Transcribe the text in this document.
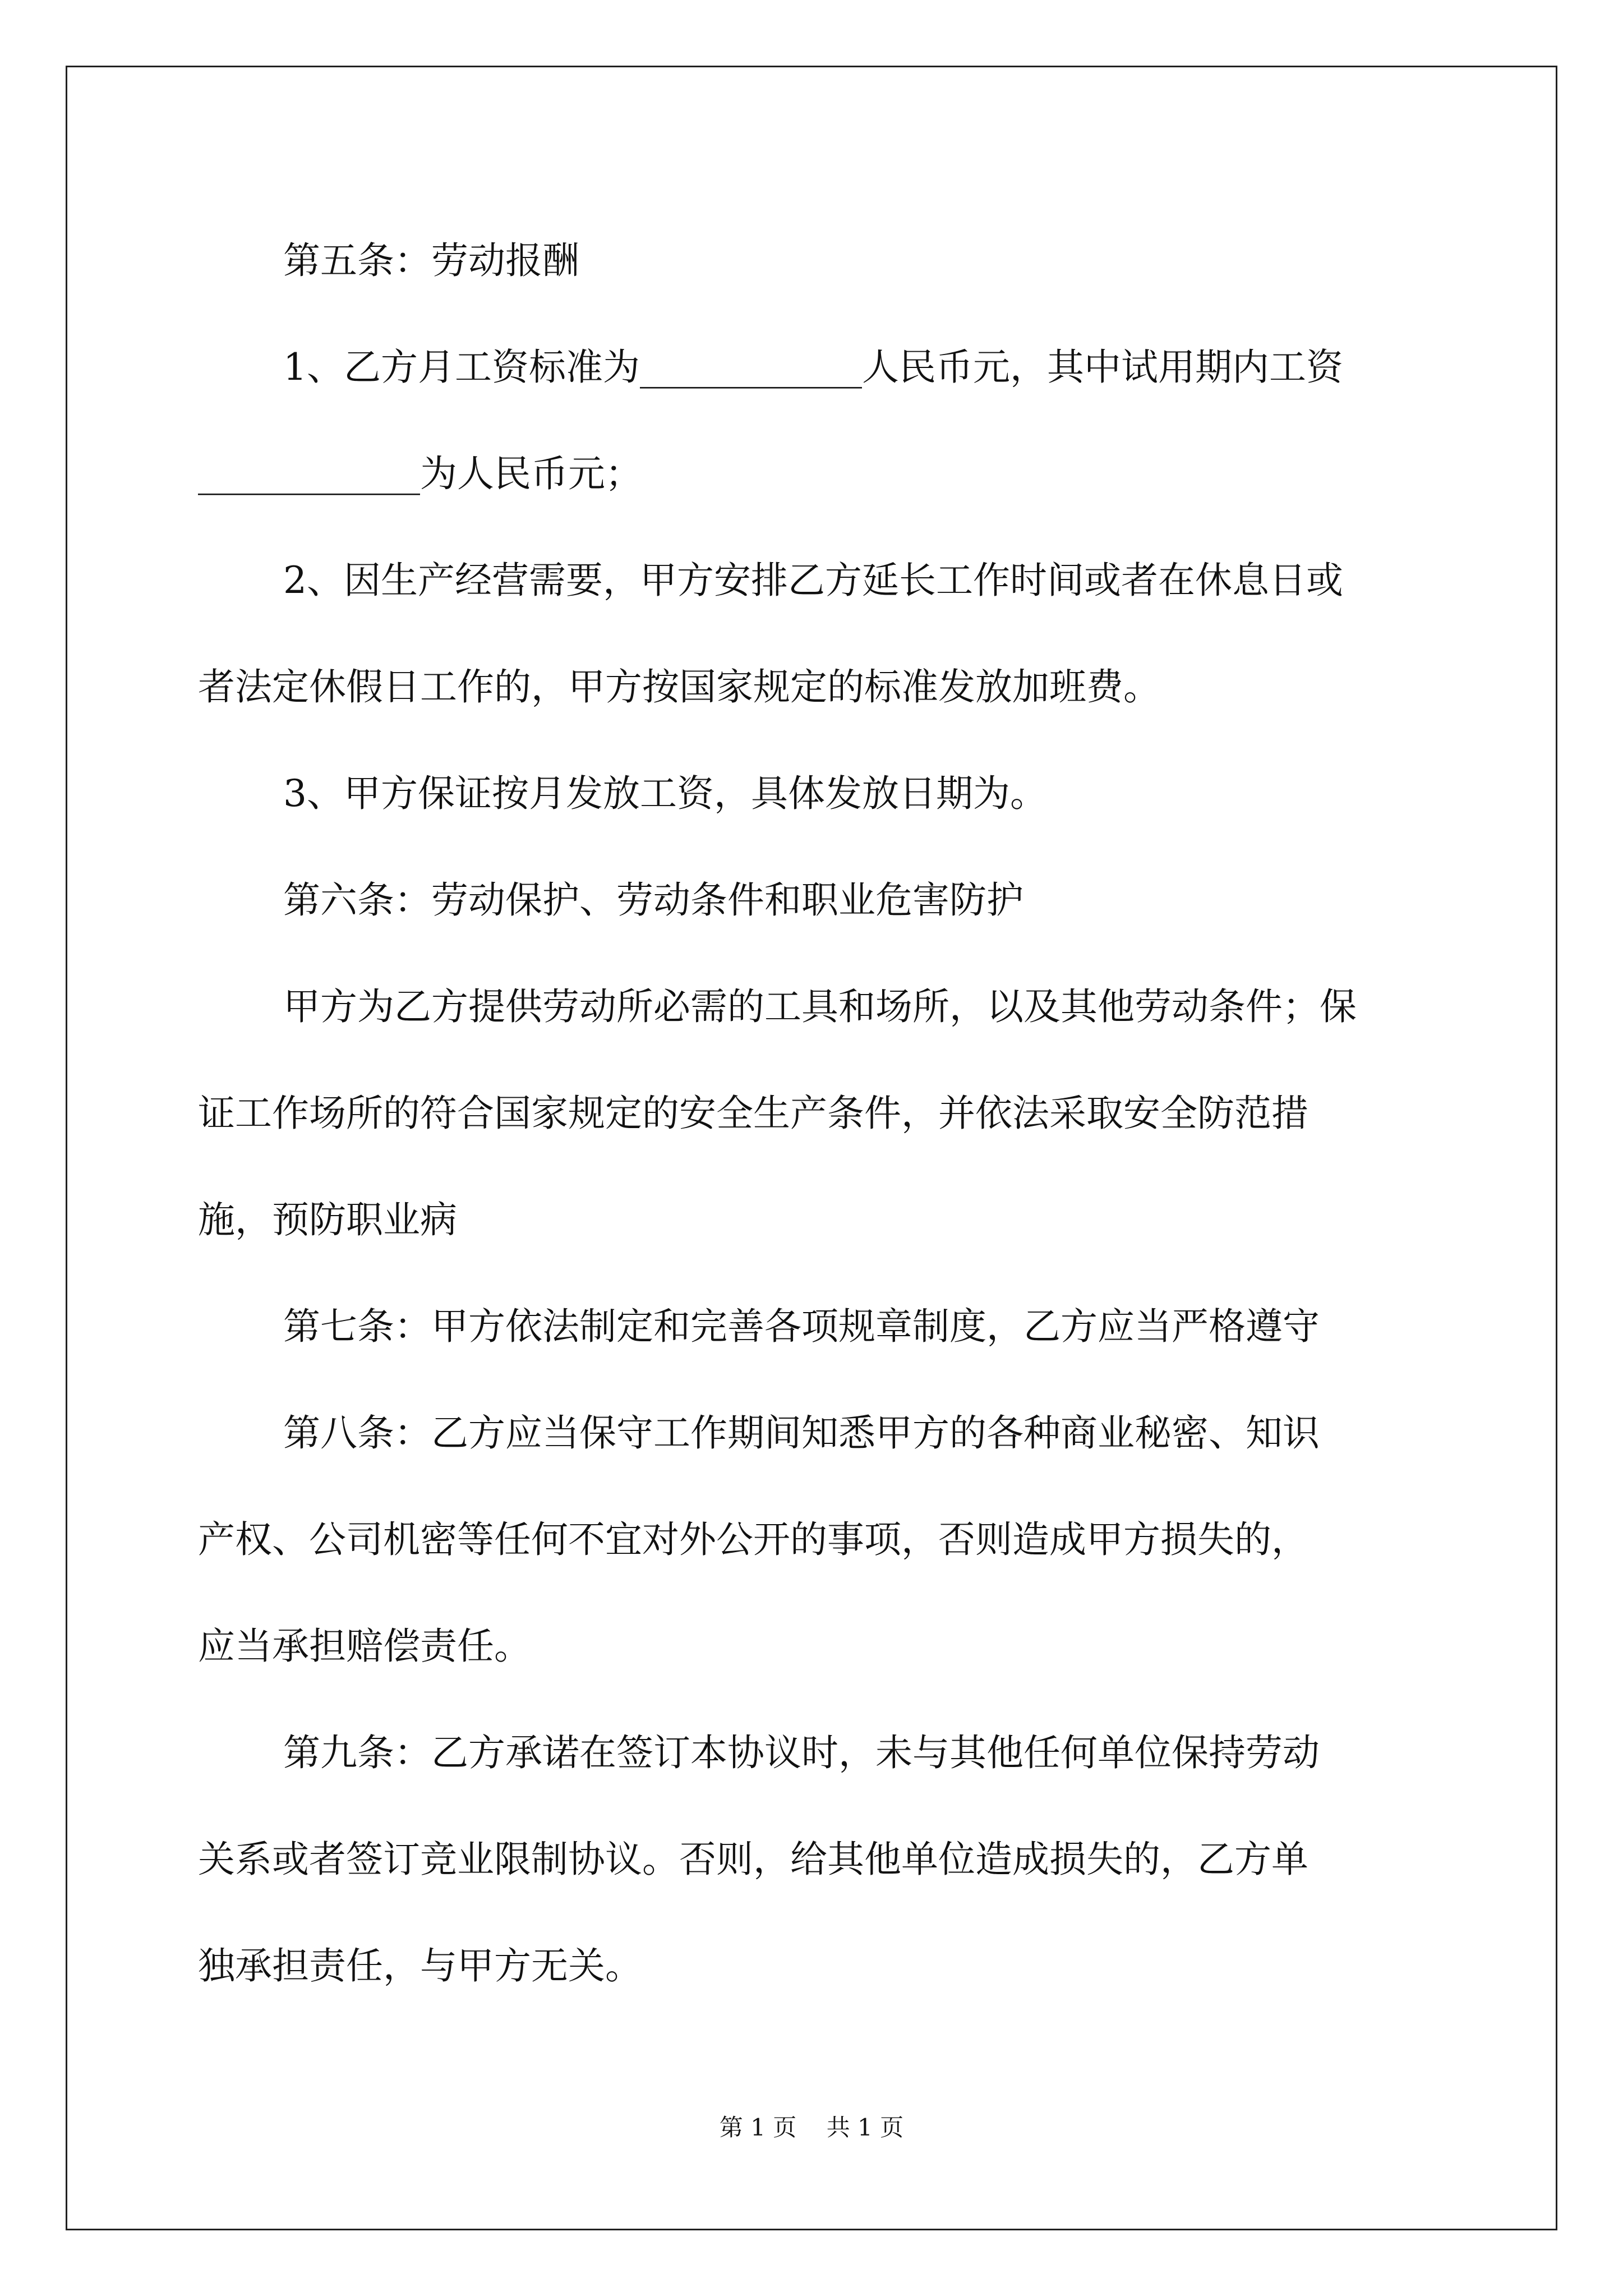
第五条：劳动报酬
1、乙方月工资标准为____________人民币元，其中试用期内工资
____________为人民币元；
2、因生产经营需要，甲方安排乙方延长工作时间或者在休息日或
者法定休假日工作的，甲方按国家规定的标准发放加班费。
3、甲方保证按月发放工资，具体发放日期为。
第六条：劳动保护、劳动条件和职业危害防护
甲方为乙方提供劳动所必需的工具和场所，以及其他劳动条件；保
证工作场所的符合国家规定的安全生产条件，并依法采取安全防范措
施，预防职业病
第七条：甲方依法制定和完善各项规章制度，乙方应当严格遵守
第八条：乙方应当保守工作期间知悉甲方的各种商业秘密、知识
产权、公司机密等任何不宜对外公开的事项，否则造成甲方损失的，
应当承担赔偿责任。
第九条：乙方承诺在签订本协议时，未与其他任何单位保持劳动
关系或者签订竞业限制协议。否则，给其他单位造成损失的，乙方单
独承担责任，与甲方无关。
第 1 页    共 1 页
